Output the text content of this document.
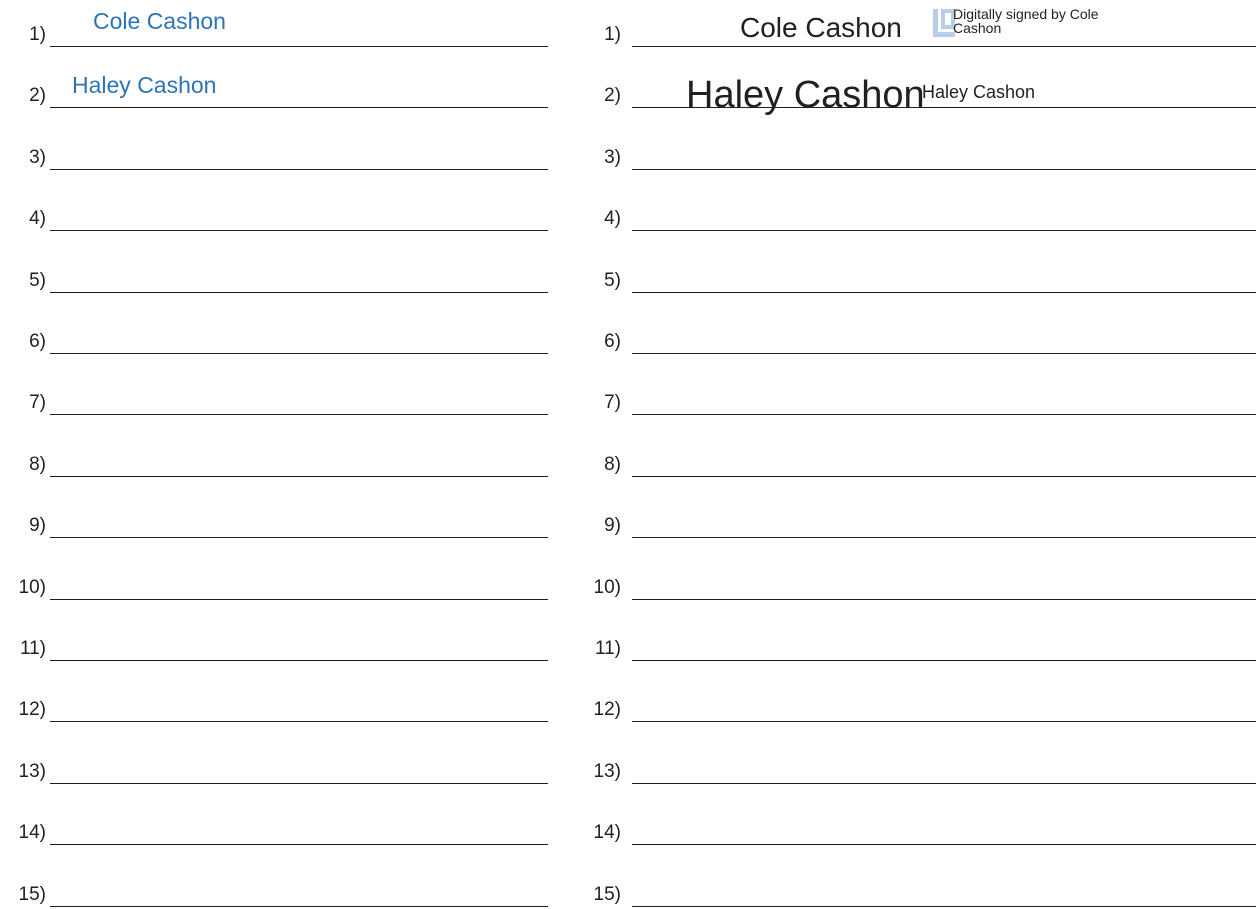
1)
2)
3)
4)
5)
6)
7)
8)
9)
10)
11)
12)
13)
14)
15)
1)
2)
3)
4)
5)
6)
7)
8)
9)
10)
11)
12)
13)
14)
15)
Cole Cashon
Haley Cashon
Cole Cashon	Digitally signed by Cole
Cashon
Haley Cashon
Haley Cashon
